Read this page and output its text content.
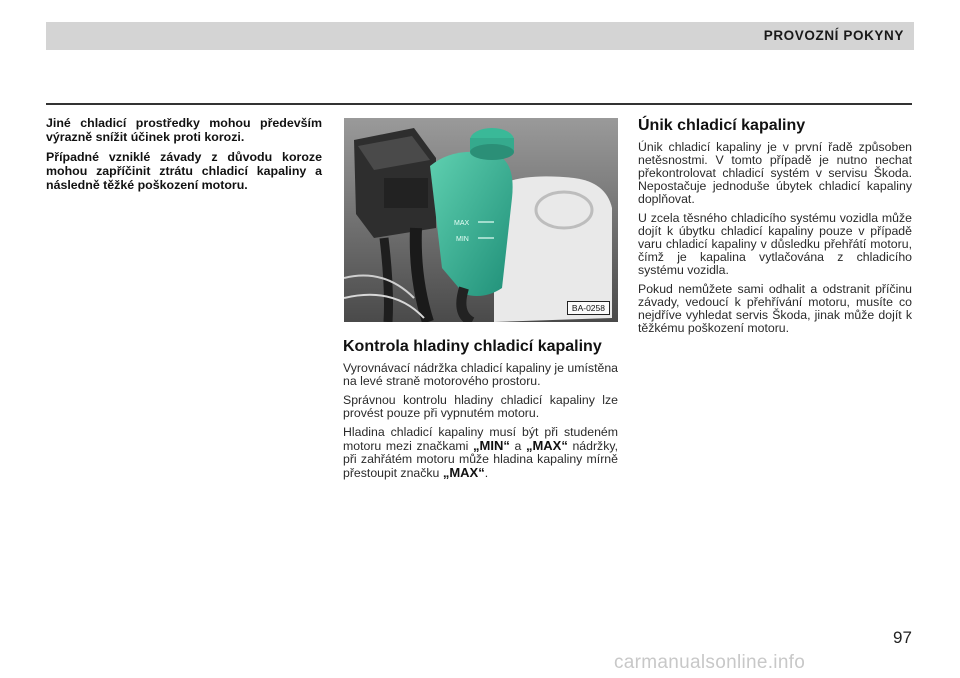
PROVOZNÍ POKYNY

Jiné chladicí prostředky mohou především výrazně snížit účinek proti korozi.

Případné vzniklé závady z důvodu koroze mohou zapříčinit ztrátu chladicí kapaliny a následně těžké poškození motoru.

MAX
MIN
BA-0258
Kontrola hladiny chladicí kapaliny

Vyrovnávací nádržka chladicí kapaliny je umístěna na levé straně motorového prostoru.

Správnou kontrolu hladiny chladicí kapaliny lze provést pouze při vypnutém motoru.

Hladina chladicí kapaliny musí být při studeném motoru mezi značkami „MIN“ a „MAX“ nádržky, při zahřátém motoru může hladina kapaliny mírně přestoupit značku „MAX“.

Únik chladicí kapaliny

Únik chladicí kapaliny je v první řadě způsoben netěsnostmi. V tomto případě je nutno nechat překontrolovat chladicí systém v servisu Škoda. Nepostačuje jednoduše úbytek chladicí kapaliny doplňovat.

U zcela těsného chladicího systému vozidla může dojít k úbytku chladicí kapaliny pouze v případě varu chladicí kapaliny v důsledku přehřátí motoru, čímž je kapalina vytlačována z chladicího systému vozidla.

Pokud nemůžete sami odhalit a odstranit příčinu závady, vedoucí k přehřívání motoru, musíte co nejdříve vyhledat servis Škoda, jinak může dojít k těžkému poškození motoru.

97
carmanualsonline.info
